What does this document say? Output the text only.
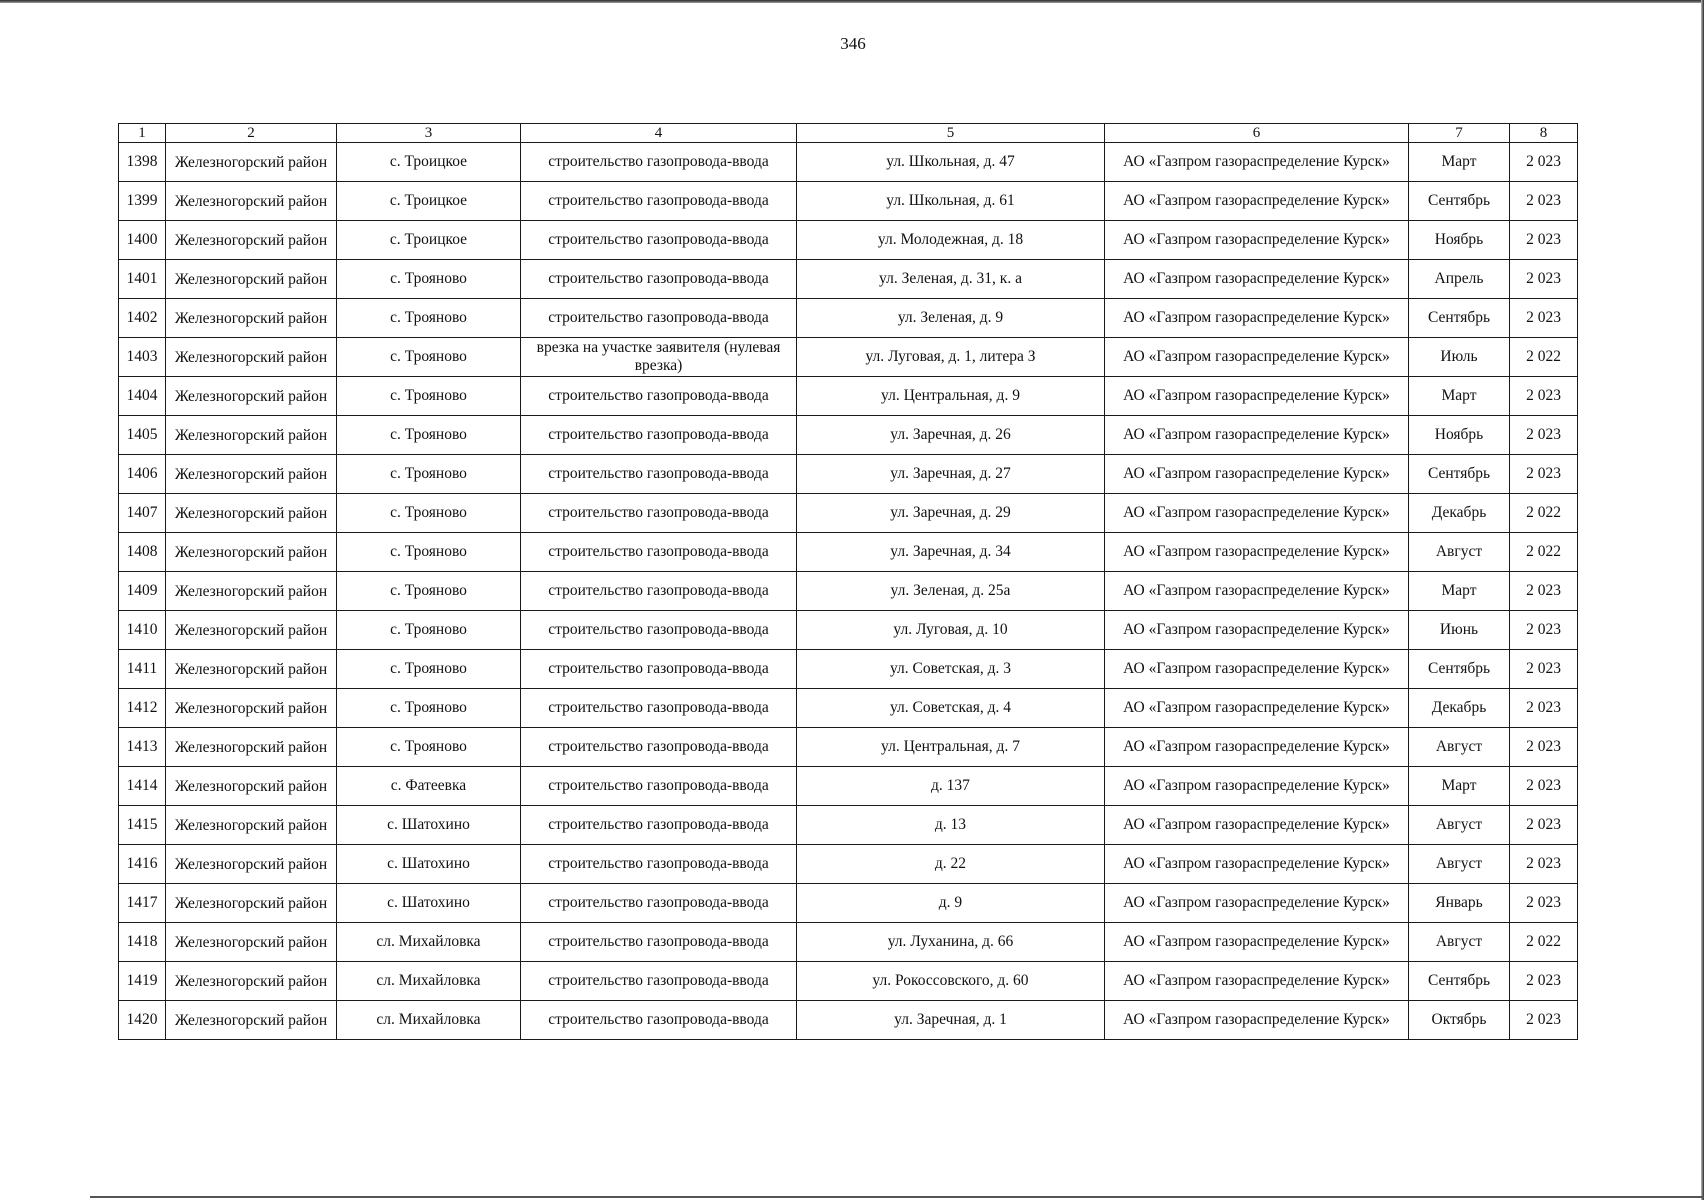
346
1	2	3	4	5	6	7	8
1398	Железногорский район	с. Троицкое	строительство газопровода-ввода	ул. Школьная, д. 47	АО «Газпром газораспределение Курск»	Март	2 023
1399	Железногорский район	с. Троицкое	строительство газопровода-ввода	ул. Школьная, д. 61	АО «Газпром газораспределение Курск»	Сентябрь	2 023
1400	Железногорский район	с. Троицкое	строительство газопровода-ввода	ул. Молодежная, д. 18	АО «Газпром газораспределение Курск»	Ноябрь	2 023
1401	Железногорский район	с. Трояново	строительство газопровода-ввода	ул. Зеленая, д. 31, к. а	АО «Газпром газораспределение Курск»	Апрель	2 023
1402	Железногорский район	с. Трояново	строительство газопровода-ввода	ул. Зеленая, д. 9	АО «Газпром газораспределение Курск»	Сентябрь	2 023
1403	Железногорский район	с. Трояново	врезка на участке заявителя (нулевая врезка)	ул. Луговая, д. 1, литера З	АО «Газпром газораспределение Курск»	Июль	2 022
1404	Железногорский район	с. Трояново	строительство газопровода-ввода	ул. Центральная, д. 9	АО «Газпром газораспределение Курск»	Март	2 023
1405	Железногорский район	с. Трояново	строительство газопровода-ввода	ул. Заречная, д. 26	АО «Газпром газораспределение Курск»	Ноябрь	2 023
1406	Железногорский район	с. Трояново	строительство газопровода-ввода	ул. Заречная, д. 27	АО «Газпром газораспределение Курск»	Сентябрь	2 023
1407	Железногорский район	с. Трояново	строительство газопровода-ввода	ул. Заречная, д. 29	АО «Газпром газораспределение Курск»	Декабрь	2 022
1408	Железногорский район	с. Трояново	строительство газопровода-ввода	ул. Заречная, д. 34	АО «Газпром газораспределение Курск»	Август	2 022
1409	Железногорский район	с. Трояново	строительство газопровода-ввода	ул. Зеленая, д. 25а	АО «Газпром газораспределение Курск»	Март	2 023
1410	Железногорский район	с. Трояново	строительство газопровода-ввода	ул. Луговая, д. 10	АО «Газпром газораспределение Курск»	Июнь	2 023
1411	Железногорский район	с. Трояново	строительство газопровода-ввода	ул. Советская, д. 3	АО «Газпром газораспределение Курск»	Сентябрь	2 023
1412	Железногорский район	с. Трояново	строительство газопровода-ввода	ул. Советская, д. 4	АО «Газпром газораспределение Курск»	Декабрь	2 023
1413	Железногорский район	с. Трояново	строительство газопровода-ввода	ул. Центральная, д. 7	АО «Газпром газораспределение Курск»	Август	2 023
1414	Железногорский район	с. Фатеевка	строительство газопровода-ввода	д. 137	АО «Газпром газораспределение Курск»	Март	2 023
1415	Железногорский район	с. Шатохино	строительство газопровода-ввода	д. 13	АО «Газпром газораспределение Курск»	Август	2 023
1416	Железногорский район	с. Шатохино	строительство газопровода-ввода	д. 22	АО «Газпром газораспределение Курск»	Август	2 023
1417	Железногорский район	с. Шатохино	строительство газопровода-ввода	д. 9	АО «Газпром газораспределение Курск»	Январь	2 023
1418	Железногорский район	сл. Михайловка	строительство газопровода-ввода	ул. Луханина, д. 66	АО «Газпром газораспределение Курск»	Август	2 022
1419	Железногорский район	сл. Михайловка	строительство газопровода-ввода	ул. Рокоссовского, д. 60	АО «Газпром газораспределение Курск»	Сентябрь	2 023
1420	Железногорский район	сл. Михайловка	строительство газопровода-ввода	ул. Заречная, д. 1	АО «Газпром газораспределение Курск»	Октябрь	2 023
